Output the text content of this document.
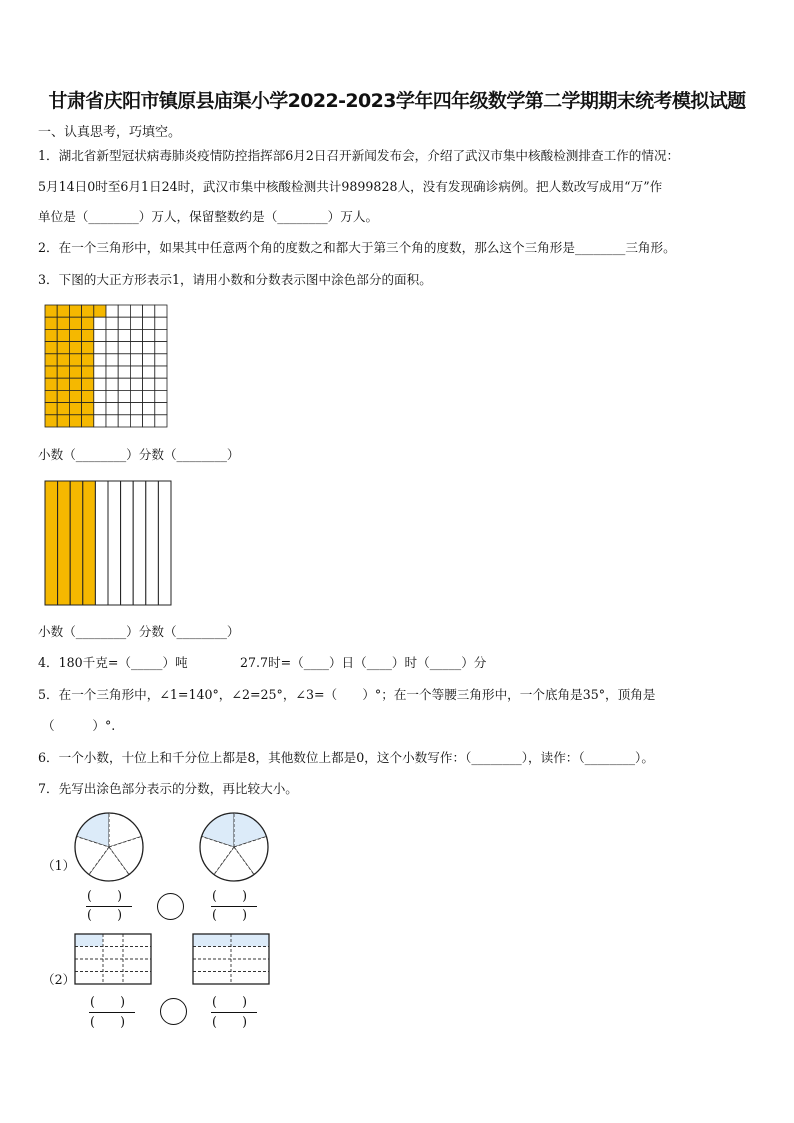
甘肃省庆阳市镇原县庙渠小学2022-2023学年四年级数学第二学期期末统考模拟试题
一、认真思考，巧填空。
1．湖北省新型冠状病毒肺炎疫情防控指挥部6月2日召开新闻发布会，介绍了武汉市集中核酸检测排查工作的情况：
5月14日0时至6月1日24时，武汉市集中核酸检测共计9899828人，没有发现确诊病例。把人数改写成用“万”作
单位是（________）万人，保留整数约是（________）万人。
2．在一个三角形中，如果其中任意两个角的度数之和都大于第三个角的度数，那么这个三角形是________三角形。
3．下图的大正方形表示1，请用小数和分数表示图中涂色部分的面积。
小数（________）分数（________）
小数（________）分数（________）
4．180千克=（_____）吨	27.7时=（____）日（____）时（_____）分
5．在一个三角形中，∠1=140°，∠2=25°，∠3=（　　）°；在一个等腰三角形中，一个底角是35°，顶角是
（　　　）°.
6．一个小数，十位上和千分位上都是8，其他数位上都是0，这个小数写作：（________），读作：（________）。
7．先写出涂色部分表示的分数，再比较大小。
（1）
（2）
(　　)
(　　)
(　　)
(　　)
(　　)
(　　)
(　　)
(　　)
